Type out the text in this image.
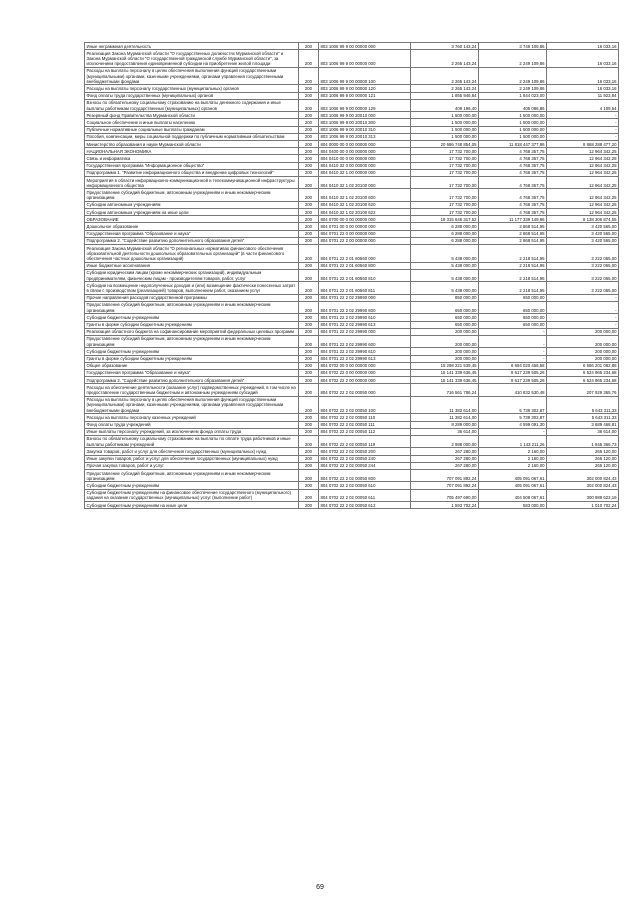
Иные неграммная деятельность	200	803 1006 99 9 00 00000 000	3 760 143,24	3 749 109,86	16 033,16
Реализация Закона Мурманской области "О государственных должностях Мурманской области" и Закона Мурманской области "О государственной гражданской службе Мурманской области", за исключением предоставления единовременной субсидии на приобретение жилой площади	200	803 1006 99 9 00 00000 000	2 265 143,24	2 249 109,86	16 033,16
Расходы на выплаты персоналу в целях обеспечения выполнения функций государственными (муниципальными) органами, казенными учреждениями, органами управления государственными внебюджетными фондами	200	803 1006 99 9 00 00000 100	2 265 143,24	2 249 109,86	16 033,16
Расходы на выплаты персоналу государственных (муниципальных) органов	200	803 1006 99 9 00 00000 120	2 265 143,24	2 249 109,86	16 033,16
Фонд оплаты труда государственных (муниципальных) органов	200	803 1006 99 9 00 00000 121	1 855 946,84	1 844 023,00	11 923,84
Взносы по обязательному социальному страхованию на выплаты денежного содержания и иные выплаты работникам государственных (муниципальных) органов	200	803 1006 99 9 00 00000 129	409 196,40	405 086,86	4 109,54
Резервный фонд Правительства Мурманской области	200	803 1006 99 9 00 20010 000	1 500 000,00	1 500 000,00	-
Социальное обеспечение и иные выплаты населению	200	803 1006 99 9 00 20010 300	1 500 000,00	1 500 000,00	-
Публичные нормативные социальные выплаты гражданам	200	803 1006 99 9 00 20010 310	1 500 000,00	1 500 000,00	-
Пособия, компенсации, меры социальной поддержки по публичным нормативным обязательствам	200	803 1006 99 9 00 20010 313	1 500 000,00	1 500 000,00	-
Министерство образования и науки Мурманской области	200	804 0000 00 0 00 00000 000	20 686 748 854,05	11 818 447 377,86	8 868 288 477,20
НАЦИОНАЛЬНАЯ ЭКОНОМИКА	200	804 0400 00 0 00 00000 000	17 732 700,00	4 768 357,75	12 964 342,25
Связь и информатика	200	804 0410 00 0 00 00000 000	17 732 700,00	4 768 357,75	12 964 342,25
Государственная программа "Информационное общество"	200	804 0410 32 0 00 00000 000	17 732 700,00	4 768 357,75	12 964 342,25
Подпрограмма 1. "Развитие информационного общества и внедрение цифровых технологий"	200	804 0410 32 1 00 00000 000	17 732 700,00	4 768 357,75	12 964 342,25
Мероприятия в области информационно-коммуникационной и телекоммуникационной инфраструктуры информационного общества	200	804 0410 32 1 02 20100 000	17 732 700,00	4 768 357,75	12 964 342,25
Предоставление субсидий бюджетным, автономным учреждениям и иным некоммерческим организациям	200	804 0410 32 1 02 20100 600	17 732 700,00	4 768 357,75	12 964 342,25
Субсидии автономным учреждениям	200	804 0410 32 1 02 20100 620	17 732 700,00	4 768 357,75	12 964 342,25
Субсидии автономным учреждениям на иные цели	200	804 0410 32 1 02 20100 622	17 732 700,00	4 768 357,75	12 964 342,25
ОБРАЗОВАНИЕ	200	804 0700 00 0 00 00000 000	19 315 646 317,52	11 177 339 149,86	8 138 306 874,55
Дошкольное образование	200	804 0701 00 0 00 00000 000	6 288 000,00	2 868 514,95	3 420 565,00
Государственная программа "Образование и наука"	200	804 0701 22 0 00 00000 000	6 288 000,00	2 868 514,95	3 420 565,00
Подпрограмма 2. "Содействие развитию дополнительного образования детей"	200	804 0701 22 2 00 00000 000	6 288 000,00	2 868 514,95	3 420 565,00
Реализация Закона Мурманской области "О региональных нормативах финансового обеспечения образовательной деятельности дошкольных образовательных организаций" (в части финансового обеспечения частных дошкольных организаций)	200	804 0701 22 2 01 60560 000	5 438 000,00	2 218 514,95	3 222 065,00
Иные бюджетные ассигнования	200	804 0701 22 2 01 60560 800	5 438 000,00	2 218 514,95	3 222 065,00
Субсидии юридическим лицам (кроме некоммерческих организаций), индивидуальным предпринимателям, физическим лицам - производителям товаров, работ, услуг	200	804 0701 22 2 01 60560 810	5 438 000,00	2 218 514,95	3 222 065,00
Субсидии на возмещение недополученных доходов и (или) возмещение фактически понесенных затрат в связи с производством (реализацией) товаров, выполнением работ, оказанием услуг	200	804 0701 22 2 01 60560 811	5 438 000,00	2 218 514,95	3 222 065,00
Прочие направления расходов государственной программы	200	804 0701 22 2 02 29990 000	850 000,00	650 000,00	-
Предоставление субсидий бюджетным, автономным учреждениям и иным некоммерческим организациям	200	804 0701 22 2 02 29990 600	650 000,00	650 000,00	-
Субсидии бюджетным учреждениям	200	804 0701 22 2 02 29990 610	650 000,00	650 000,00	-
Гранты в форме субсидии бюджетным учреждениям	200	804 0701 22 2 02 29990 613	650 000,00	650 000,00	-
Реализация областного бюджета на софинансирование мероприятий федеральных целевых программ	200	804 0701 22 2 02 29990 000	200 000,00	-	200 000,00
Предоставление субсидий бюджетным, автономным учреждениям и иным некоммерческим организациям	200	804 0701 22 2 02 29990 600	200 000,00	-	200 000,00
Субсидии бюджетным учреждениям	200	804 0701 22 2 02 29990 610	200 000,00	-	200 000,00
Гранты в форме субсидии бюджетным учреждениям	200	804 0701 22 2 02 29990 613	200 000,00	-	200 000,00
Общее образование	200	804 0702 00 0 00 00000 000	15 298 221 539,45	8 694 020 456,58	6 566 201 082,86
Государственная программа "Образование и наука"	200	804 0702 22 0 00 00000 000	15 141 339 636,45	8 617 239 505,26	6 524 965 234,68
Подпрограмма 2. "Содействие развитию дополнительного образования детей"	200	804 0702 22 2 00 00000 000	15 141 339 636,45	8 617 239 505,26	6 524 965 234,68
Расходы на обеспечение деятельности (оказание услуг) подведомственных учреждений, в том числе на предоставление государственным бюджетным и автономным учреждениям субсидий	200	804 0702 22 2 02 00050 000	716 561 786,24	410 832 530,48	207 929 365,76
Расходы на выплаты персоналу в целях обеспечения выполнения функций государственными (муниципальными) органами, казенными учреждениями, органами управления государственными внебюджетными фондами	200	804 0702 22 2 02 00050 100	11 382 614,00	5 739 302,87	5 643 311,33
Расходы на выплаты персоналу казенных учреждений	200	804 0702 22 2 02 00050 110	11 382 614,00	5 739 302,87	5 643 311,33
Фонд оплаты труда учреждений	200	804 0702 22 2 02 00050 111	8 289 000,00	4 599 091,30	3 689 468,81
Иные выплаты персоналу учреждений, за исключением фонда оплаты труда	200	804 0702 22 2 02 00050 112	36 614,00	-	36 614,00
Взносы по обязательному социальному страхованию на выплаты по оплате труда работников и иные выплаты работникам учреждений	200	804 0702 22 2 02 00050 119	2 988 000,00	1 143 211,26	1 845 366,73
Закупка товаров, работ и услуг для обеспечения государственных (муниципальных) нужд	200	804 0702 22 2 02 00050 200	267 280,00	2 160,00	265 120,00
Иные закупки товаров, работ и услуг для обеспечения государственных (муниципальных) нужд	200	804 0702 22 2 02 00050 240	267 280,00	2 160,00	265 120,00
Прочая закупка товаров, работ и услуг	200	804 0702 22 2 02 00050 244	267 280,00	2 160,00	265 120,00
Предоставление субсидий бюджетным, автономным учреждениям и иным некоммерческим организациям	200	804 0702 22 2 02 00050 600	707 091 892,24	405 091 067,61	302 000 824,43
Субсидии бюджетным учреждениям	200	804 0702 22 2 02 00050 610	707 091 892,24	405 091 067,61	302 000 824,43
Субсидии бюджетным учреждениям на финансовое обеспечение государственного (муниципального) задания на оказание государственных (муниципальных) услуг (выполнение работ)	200	804 0702 22 2 02 00050 611	705 497 690,00	404 508 067,61	300 989 622,19
Субсидии бюджетным учреждениям на иные цели	200	804 0702 22 2 02 00050 612	1 593 702,24	583 000,00	1 010 702,24
69
